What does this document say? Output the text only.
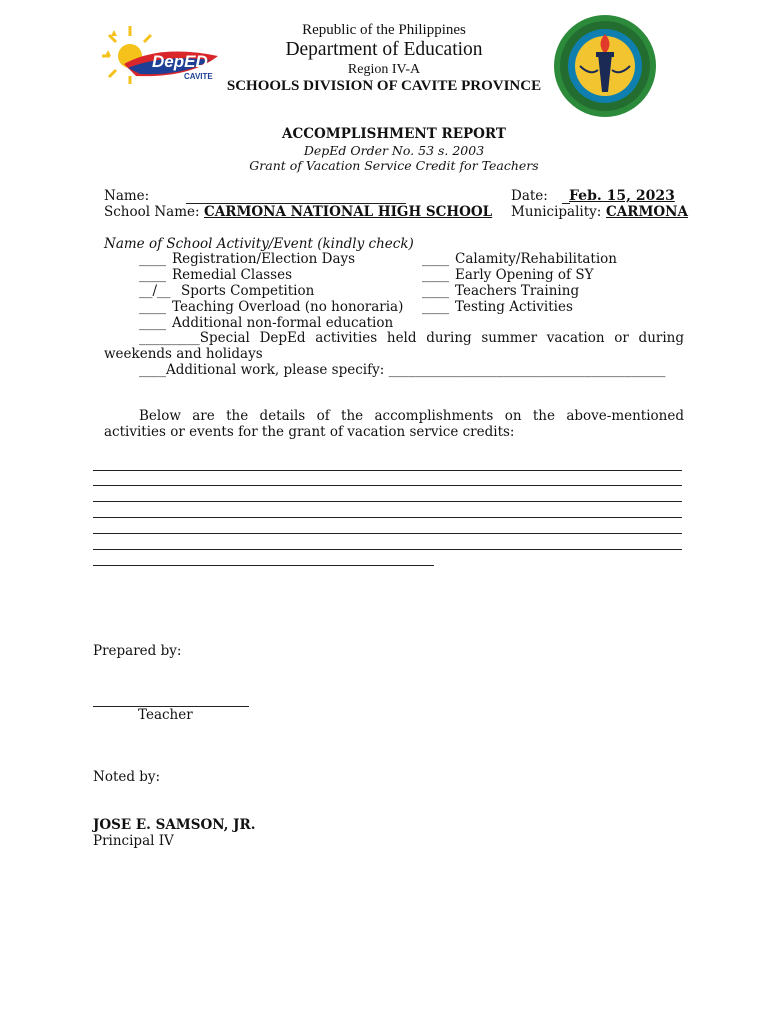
DepED
CAVITE
Republic of the Philippines
Department of Education
Region IV-A
SCHOOLS DIVISION OF CAVITE PROVINCE
ACCOMPLISHMENT REPORT
DepEd Order No. 53 s. 2003
Grant of Vacation Service Credit for Teachers
Name:	Date: Feb. 15, 2023
School Name: CARMONA NATIONAL HIGH SCHOOL Municipality: CARMONA
Name of School Activity/Event (kindly check)
____ Registration/Election Days
____ Remedial Classes
__/__ Sports Competition
____ Teaching Overload (no honoraria)
____ Additional non-formal education
____ Calamity/Rehabilitation
____ Early Opening of SY
____ Teachers Training
____ Testing Activities
_________Special DepEd activities held during summer vacation or during weekends and holidays
____Additional work, please specify: _________________________________________
Below are the details of the accomplishments on the above-mentioned activities or events for the grant of vacation service credits:
Prepared by:
Teacher
Noted by:
JOSE E. SAMSON, JR.
Principal IV
